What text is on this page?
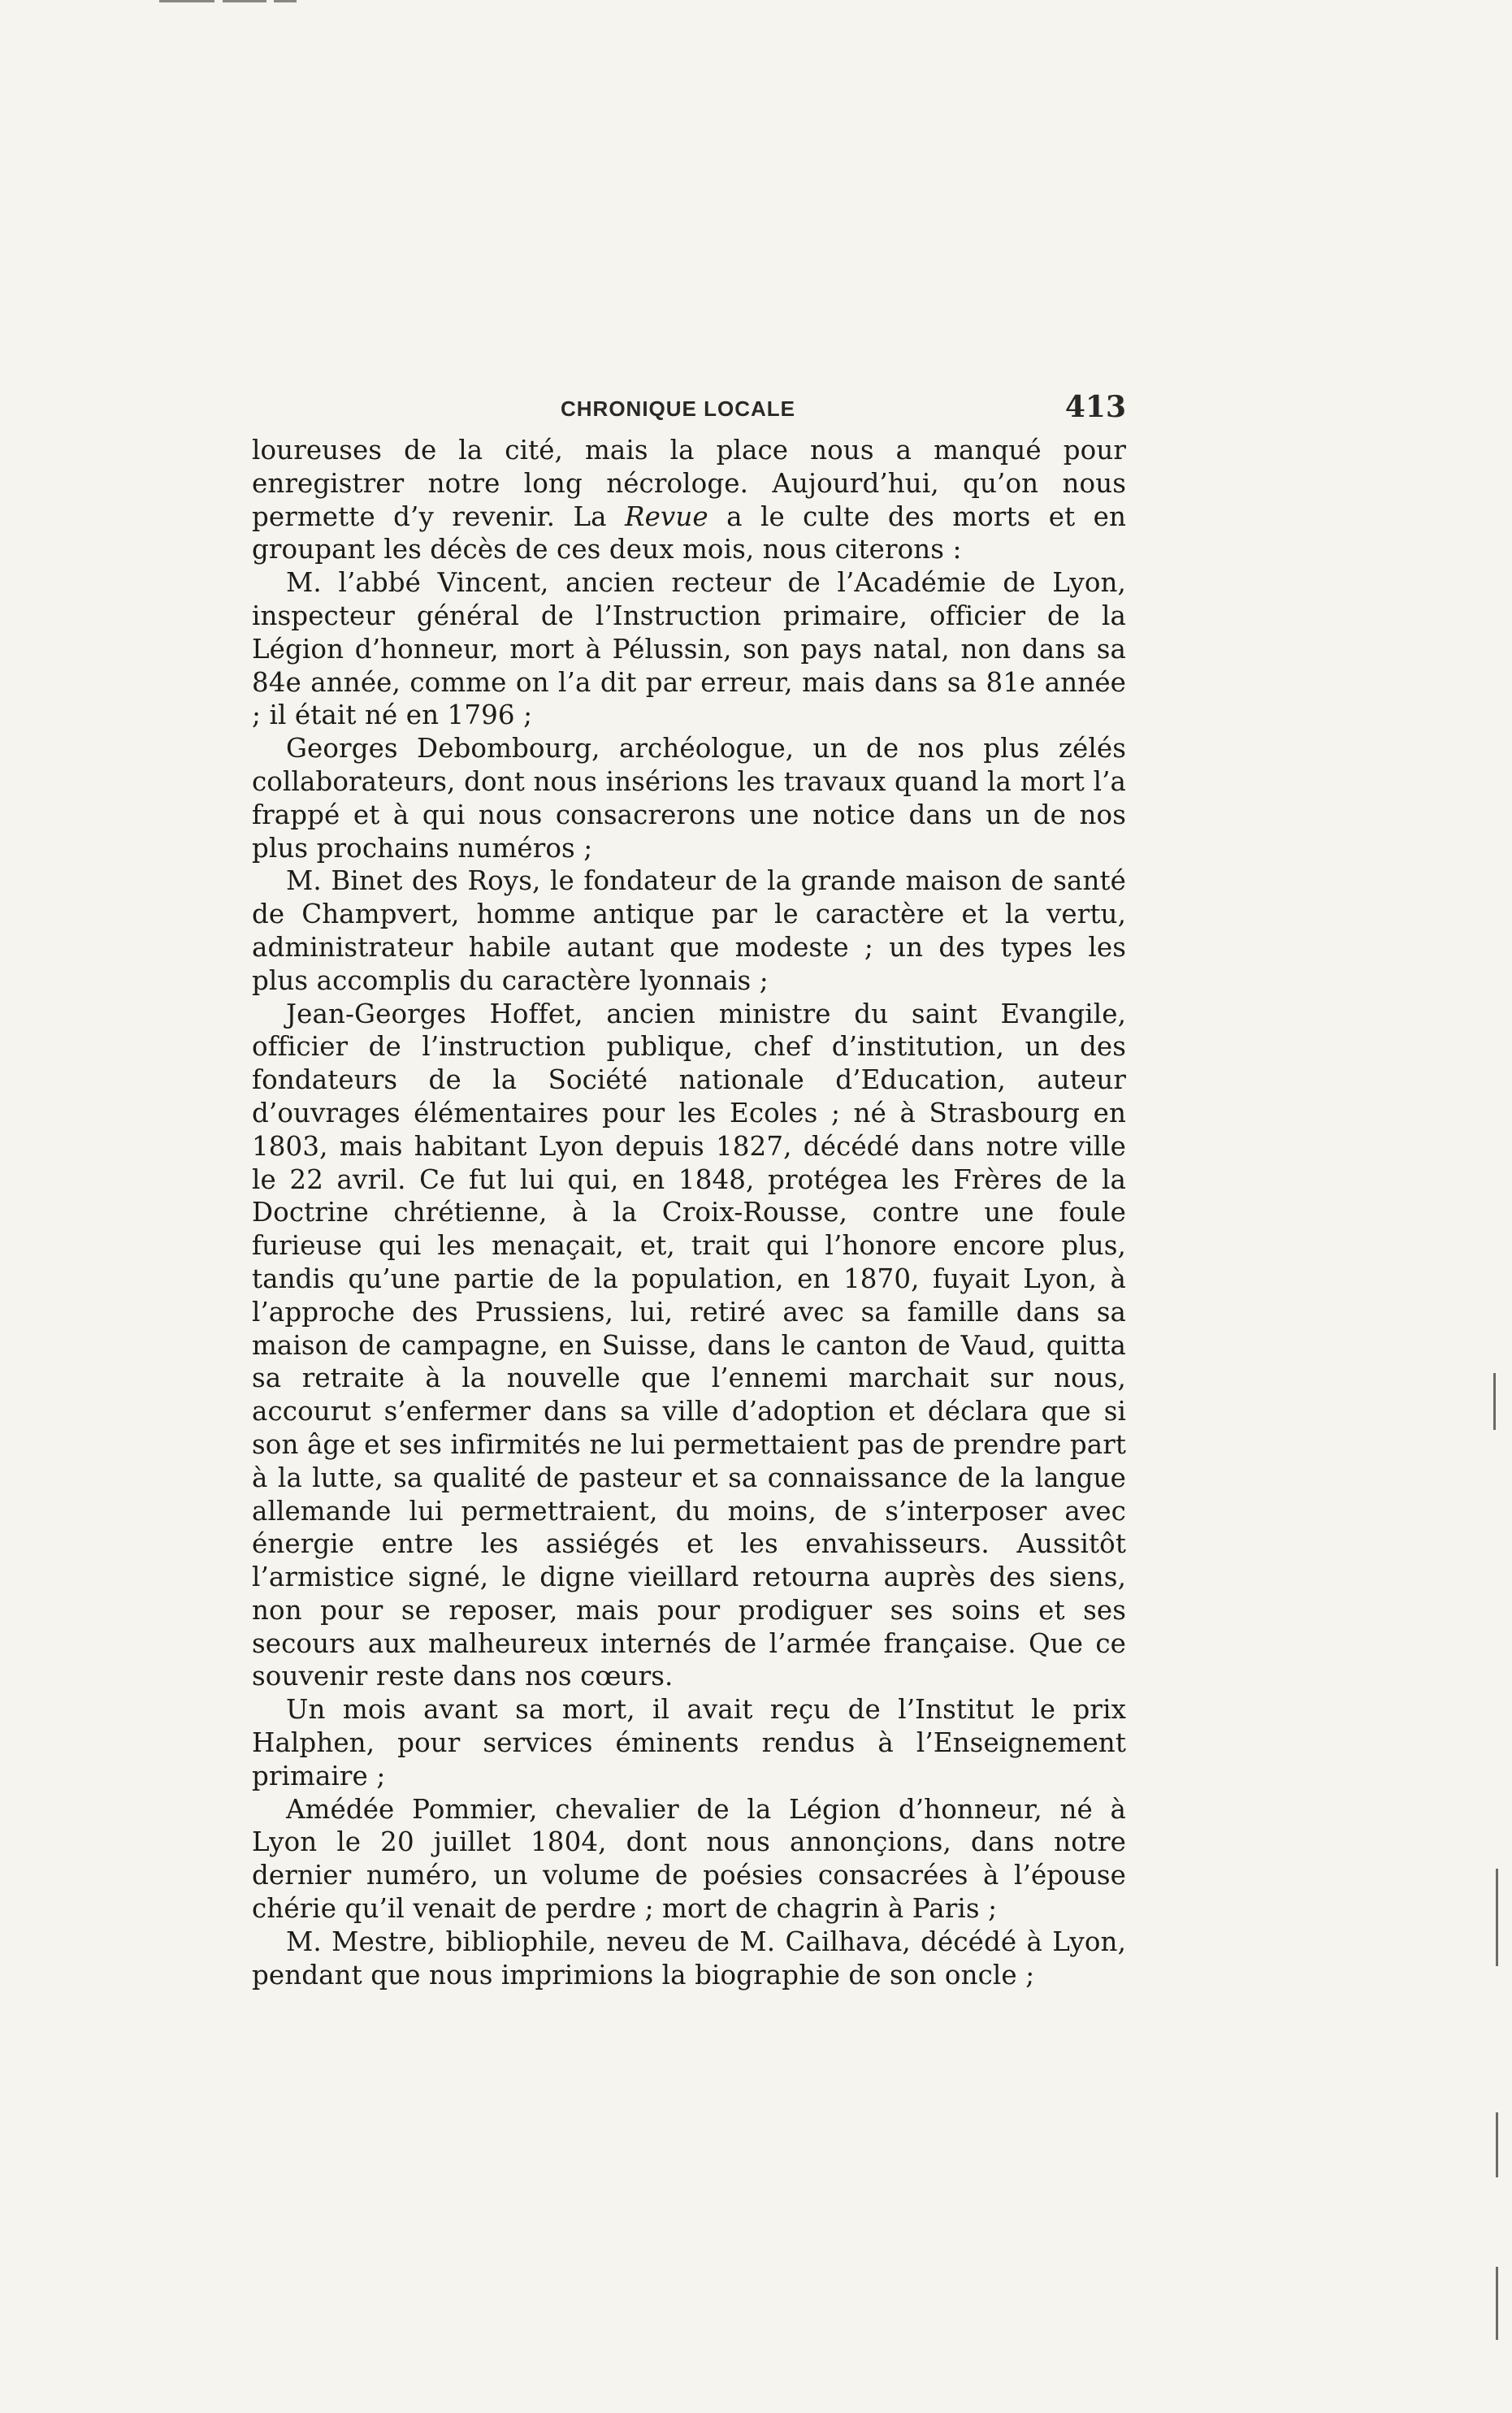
CHRONIQUE LOCALE	413

loureuses de la cité, mais la place nous a manqué pour enregistrer notre long nécrologe. Aujourd’hui, qu’on nous permette d’y revenir. La Revue a le culte des morts et en groupant les décès de ces deux mois, nous citerons :

M. l’abbé Vincent, ancien recteur de l’Académie de Lyon, inspecteur général de l’Instruction primaire, officier de la Légion d’honneur, mort à Pélussin, son pays natal, non dans sa 84e année, comme on l’a dit par erreur, mais dans sa 81e année ; il était né en 1796 ;

Georges Debombourg, archéologue, un de nos plus zélés collaborateurs, dont nous insérions les travaux quand la mort l’a frappé et à qui nous consacrerons une notice dans un de nos plus prochains numéros ;

M. Binet des Roys, le fondateur de la grande maison de santé de Champvert, homme antique par le caractère et la vertu, administrateur habile autant que modeste ; un des types les plus accomplis du caractère lyonnais ;

Jean-Georges Hoffet, ancien ministre du saint Evangile, officier de l’instruction publique, chef d’institution, un des fondateurs de la Société nationale d’Education, auteur d’ouvrages élémentaires pour les Ecoles ; né à Strasbourg en 1803, mais habitant Lyon depuis 1827, décédé dans notre ville le 22 avril. Ce fut lui qui, en 1848, protégea les Frères de la Doctrine chrétienne, à la Croix-Rousse, contre une foule furieuse qui les menaçait, et, trait qui l’honore encore plus, tandis qu’une partie de la population, en 1870, fuyait Lyon, à l’approche des Prussiens, lui, retiré avec sa famille dans sa maison de campagne, en Suisse, dans le canton de Vaud, quitta sa retraite à la nouvelle que l’ennemi marchait sur nous, accourut s’enfermer dans sa ville d’adoption et déclara que si son âge et ses infirmités ne lui permettaient pas de prendre part à la lutte, sa qualité de pasteur et sa connaissance de la langue allemande lui permettraient, du moins, de s’interposer avec énergie entre les assiégés et les envahisseurs. Aussitôt l’armistice signé, le digne vieillard retourna auprès des siens, non pour se reposer, mais pour prodiguer ses soins et ses secours aux malheureux internés de l’armée française. Que ce souvenir reste dans nos cœurs.

Un mois avant sa mort, il avait reçu de l’Institut le prix Halphen, pour services éminents rendus à l’Enseignement primaire ;

Amédée Pommier, chevalier de la Légion d’honneur, né à Lyon le 20 juillet 1804, dont nous annonçions, dans notre dernier numéro, un volume de poésies consacrées à l’épouse chérie qu’il venait de perdre ; mort de chagrin à Paris ;

M. Mestre, bibliophile, neveu de M. Cailhava, décédé à Lyon, pendant que nous imprimions la biographie de son oncle ;
